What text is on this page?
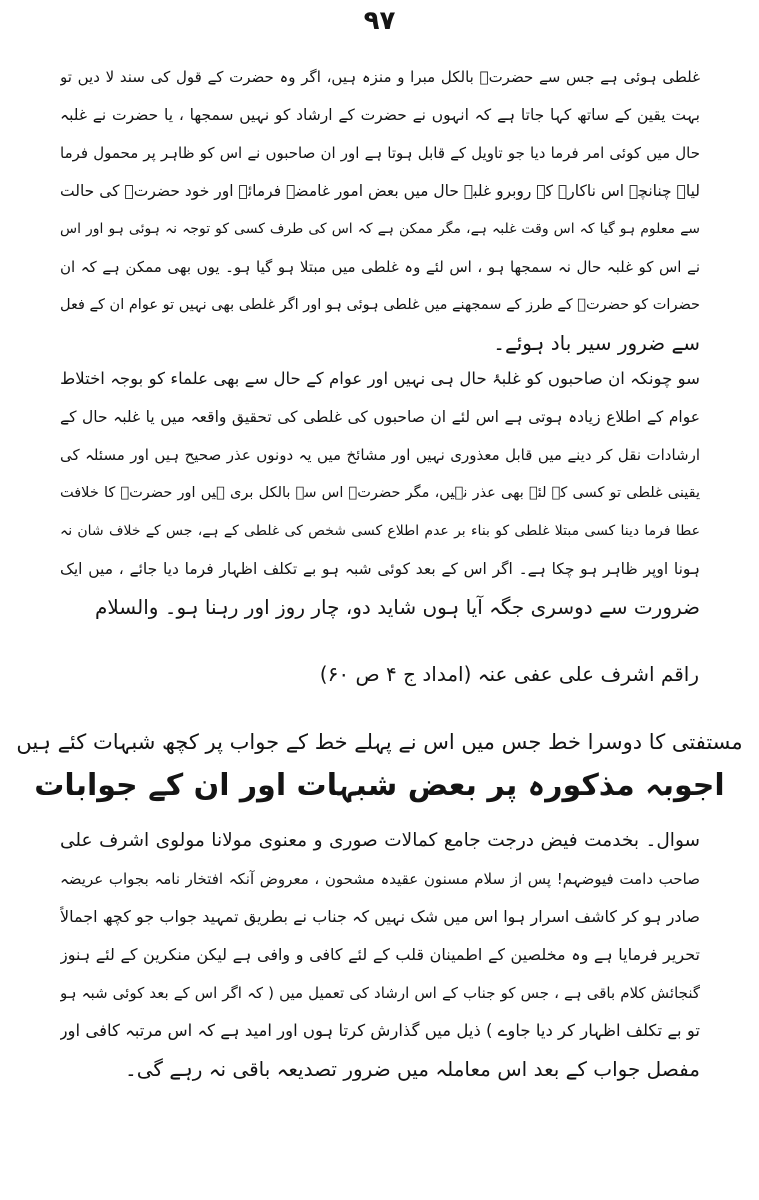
٩٧
غلطی ہوئی ہے جس سے حضرتؒ بالکل مبرا و منزہ ہیں، اگر وہ حضرت کے قول کی سند لا دیں تو
بہت یقین کے ساتھ کہا جاتا ہے کہ انہوں نے حضرت کے ارشاد کو نہیں سمجھا ، یا حضرت نے غلبہ
حال میں کوئی امر فرما دیا جو تاویل کے قابل ہوتا ہے اور ان صاحبوں نے اس کو ظاہر پر محمول فرما
لیا۔ چنانچہ اس ناکارہ کے روبرو غلبہ حال میں بعض امور غامضہ فرمائے اور خود حضرتؒ کی حالت
سے معلوم ہو گیا کہ اس وقت غلبہ ہے، مگر ممکن ہے کہ اس کی طرف کسی کو توجہ نہ ہوئی ہو اور اس
نے اس کو غلبہ حال نہ سمجھا ہو ، اس لئے وہ غلطی میں مبتلا ہو گیا ہو۔ یوں بھی ممکن ہے کہ ان
حضرات کو حضرتؒ کے طرز کے سمجھنے میں غلطی ہوئی ہو اور اگر غلطی بھی نہیں تو عوام ان کے فعل
سے ضرور سیر باد ہوئے۔
سو چونکہ ان صاحبوں کو غلبۂ حال ہی نہیں اور عوام کے حال سے بھی علماء کو بوجہ اختلاط
عوام کے اطلاع زیادہ ہوتی ہے اس لئے ان صاحبوں کی غلطی کی تحقیق واقعہ میں یا غلبہ حال کے
ارشادات نقل کر دینے میں قابل معذوری نہیں اور مشائخ میں یہ دونوں عذر صحیح ہیں اور مسئلہ کی
یقینی غلطی تو کسی کے لئے بھی عذر نہیں، مگر حضرتؒ اس سے بالکل بری ہیں اور حضرتؒ کا خلافت
عطا فرما دینا کسی مبتلا غلطی کو بناء بر عدم اطلاع کسی شخص کی غلطی کے ہے، جس کے خلاف شان نہ
ہونا اوپر ظاہر ہو چکا ہے۔ اگر اس کے بعد کوئی شبہ ہو بے تکلف اظہار فرما دیا جائے ، میں ایک
ضرورت سے دوسری جگہ آیا ہوں شاید دو، چار روز اور رہنا ہو۔ والسلام
راقم اشرف علی عفی عنہ (امداد ج ۴ ص ۶۰)
مستفتی کا دوسرا خط جس میں اس نے پہلے خط کے جواب پر کچھ شبہات کئے ہیں
اجوبہ مذکورہ پر بعض شبہات اور ان کے جوابات
سوال۔ بخدمت فیض درجت جامع کمالات صوری و معنوی مولانا مولوی اشرف علی
صاحب دامت فیوضہم! پس از سلام مسنون عقیدہ مشحون ، معروض آنکہ افتخار نامہ بجواب عریضہ
صادر ہو کر کاشف اسرار ہوا اس میں شک نہیں کہ جناب نے بطریق تمہید جواب جو کچھ اجمالاً
تحریر فرمایا ہے وہ مخلصین کے اطمینان قلب کے لئے کافی و وافی ہے لیکن منکرین کے لئے ہنوز
گنجائش کلام باقی ہے ، جس کو جناب کے اس ارشاد کی تعمیل میں ( کہ اگر اس کے بعد کوئی شبہ ہو
تو بے تکلف اظہار کر دیا جاوے ) ذیل میں گذارش کرتا ہوں اور امید ہے کہ اس مرتبہ کافی اور
مفصل جواب کے بعد اس معاملہ میں ضرور تصدیعہ باقی نہ رہے گی۔
